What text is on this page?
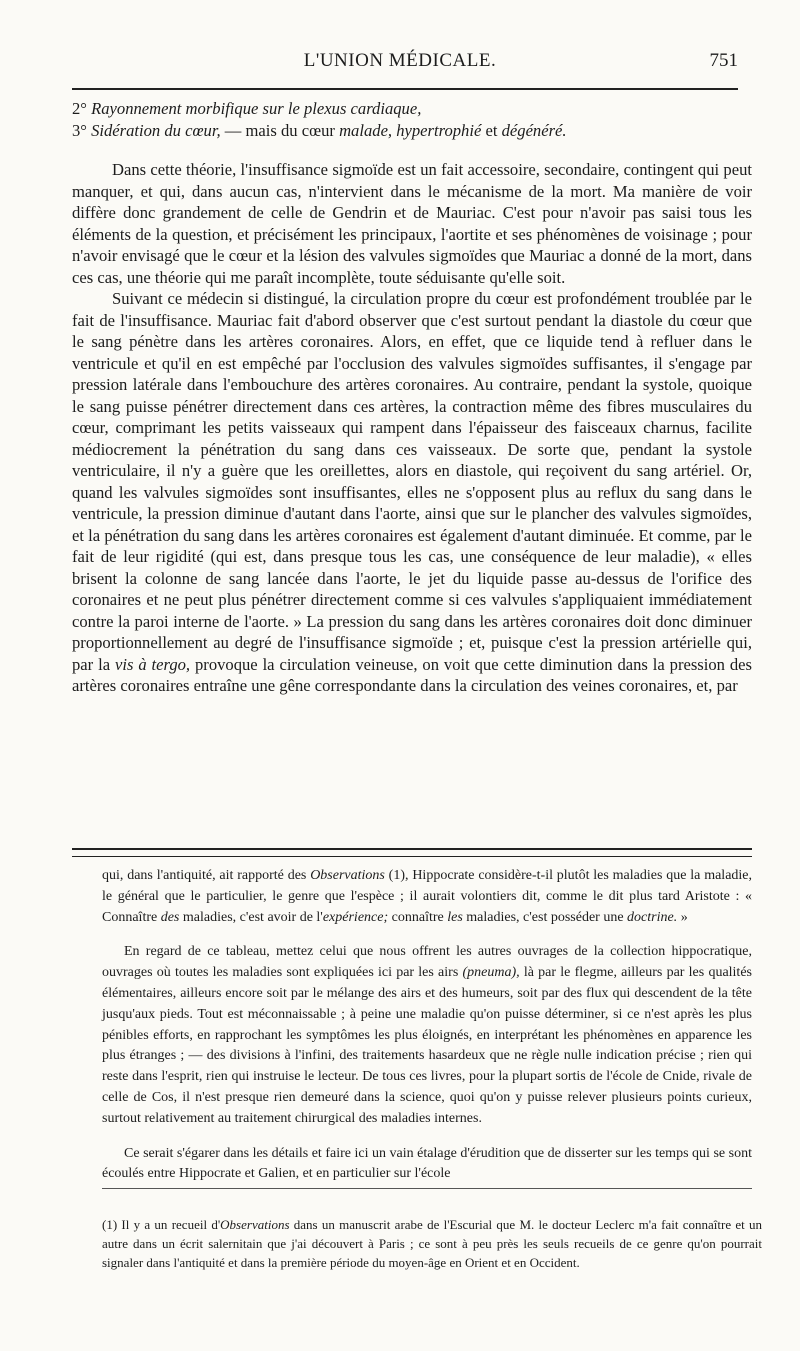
L'UNION MÉDICALE.	751

2° Rayonnement morbifique sur le plexus cardiaque,

3° Sidération du cœur, — mais du cœur malade, hypertrophié et dégénéré.

Dans cette théorie, l'insuffisance sigmoïde est un fait accessoire, secondaire, contingent qui peut manquer, et qui, dans aucun cas, n'intervient dans le mécanisme de la mort. Ma manière de voir diffère donc grandement de celle de Gendrin et de Mauriac. C'est pour n'avoir pas saisi tous les éléments de la question, et précisément les principaux, l'aortite et ses phénomènes de voisinage ; pour n'avoir envisagé que le cœur et la lésion des valvules sigmoïdes que Mauriac a donné de la mort, dans ces cas, une théorie qui me paraît incomplète, toute séduisante qu'elle soit.

Suivant ce médecin si distingué, la circulation propre du cœur est profondément troublée par le fait de l'insuffisance. Mauriac fait d'abord observer que c'est surtout pendant la diastole du cœur que le sang pénètre dans les artères coronaires. Alors, en effet, que ce liquide tend à refluer dans le ventricule et qu'il en est empêché par l'occlusion des valvules sigmoïdes suffisantes, il s'engage par pression latérale dans l'embouchure des artères coronaires. Au contraire, pendant la systole, quoique le sang puisse pénétrer directement dans ces artères, la contraction même des fibres musculaires du cœur, comprimant les petits vaisseaux qui rampent dans l'épaisseur des faisceaux charnus, facilite médiocrement la pénétration du sang dans ces vaisseaux. De sorte que, pendant la systole ventriculaire, il n'y a guère que les oreillettes, alors en diastole, qui reçoivent du sang artériel. Or, quand les valvules sigmoïdes sont insuffisantes, elles ne s'opposent plus au reflux du sang dans le ventricule, la pression diminue d'autant dans l'aorte, ainsi que sur le plancher des valvules sigmoïdes, et la pénétration du sang dans les artères coronaires est également d'autant diminuée. Et comme, par le fait de leur rigidité (qui est, dans presque tous les cas, une conséquence de leur maladie), « elles brisent la colonne de sang lancée dans l'aorte, le jet du liquide passe au-dessus de l'orifice des coronaires et ne peut plus pénétrer directement comme si ces valvules s'appliquaient immédiatement contre la paroi interne de l'aorte. » La pression du sang dans les artères coronaires doit donc diminuer proportionnellement au degré de l'insuffisance sigmoïde ; et, puisque c'est la pression artérielle qui, par la vis à tergo, provoque la circulation veineuse, on voit que cette diminution dans la pression des artères coronaires entraîne une gêne correspondante dans la circulation des veines coronaires, et, par

qui, dans l'antiquité, ait rapporté des Observations (1), Hippocrate considère-t-il plutôt les maladies que la maladie, le général que le particulier, le genre que l'espèce ; il aurait volontiers dit, comme le dit plus tard Aristote : « Connaître des maladies, c'est avoir de l'expérience; connaître les maladies, c'est posséder une doctrine. »

En regard de ce tableau, mettez celui que nous offrent les autres ouvrages de la collection hippocratique, ouvrages où toutes les maladies sont expliquées ici par les airs (pneuma), là par le flegme, ailleurs par les qualités élémentaires, ailleurs encore soit par le mélange des airs et des humeurs, soit par des flux qui descendent de la tête jusqu'aux pieds. Tout est méconnaissable ; à peine une maladie qu'on puisse déterminer, si ce n'est après les plus pénibles efforts, en rapprochant les symptômes les plus éloignés, en interprétant les phénomènes en apparence les plus étranges ; — des divisions à l'infini, des traitements hasardeux que ne règle nulle indication précise ; rien qui reste dans l'esprit, rien qui instruise le lecteur. De tous ces livres, pour la plupart sortis de l'école de Cnide, rivale de celle de Cos, il n'est presque rien demeuré dans la science, quoi qu'on y puisse relever plusieurs points curieux, surtout relativement au traitement chirurgical des maladies internes.

Ce serait s'égarer dans les détails et faire ici un vain étalage d'érudition que de disserter sur les temps qui se sont écoulés entre Hippocrate et Galien, et en particulier sur l'école

(1) Il y a un recueil d'Observations dans un manuscrit arabe de l'Escurial que M. le docteur Leclerc m'a fait connaître et un autre dans un écrit salernitain que j'ai découvert à Paris ; ce sont à peu près les seuls recueils de ce genre qu'on pourrait signaler dans l'antiquité et dans la première période du moyen-âge en Orient et en Occident.
